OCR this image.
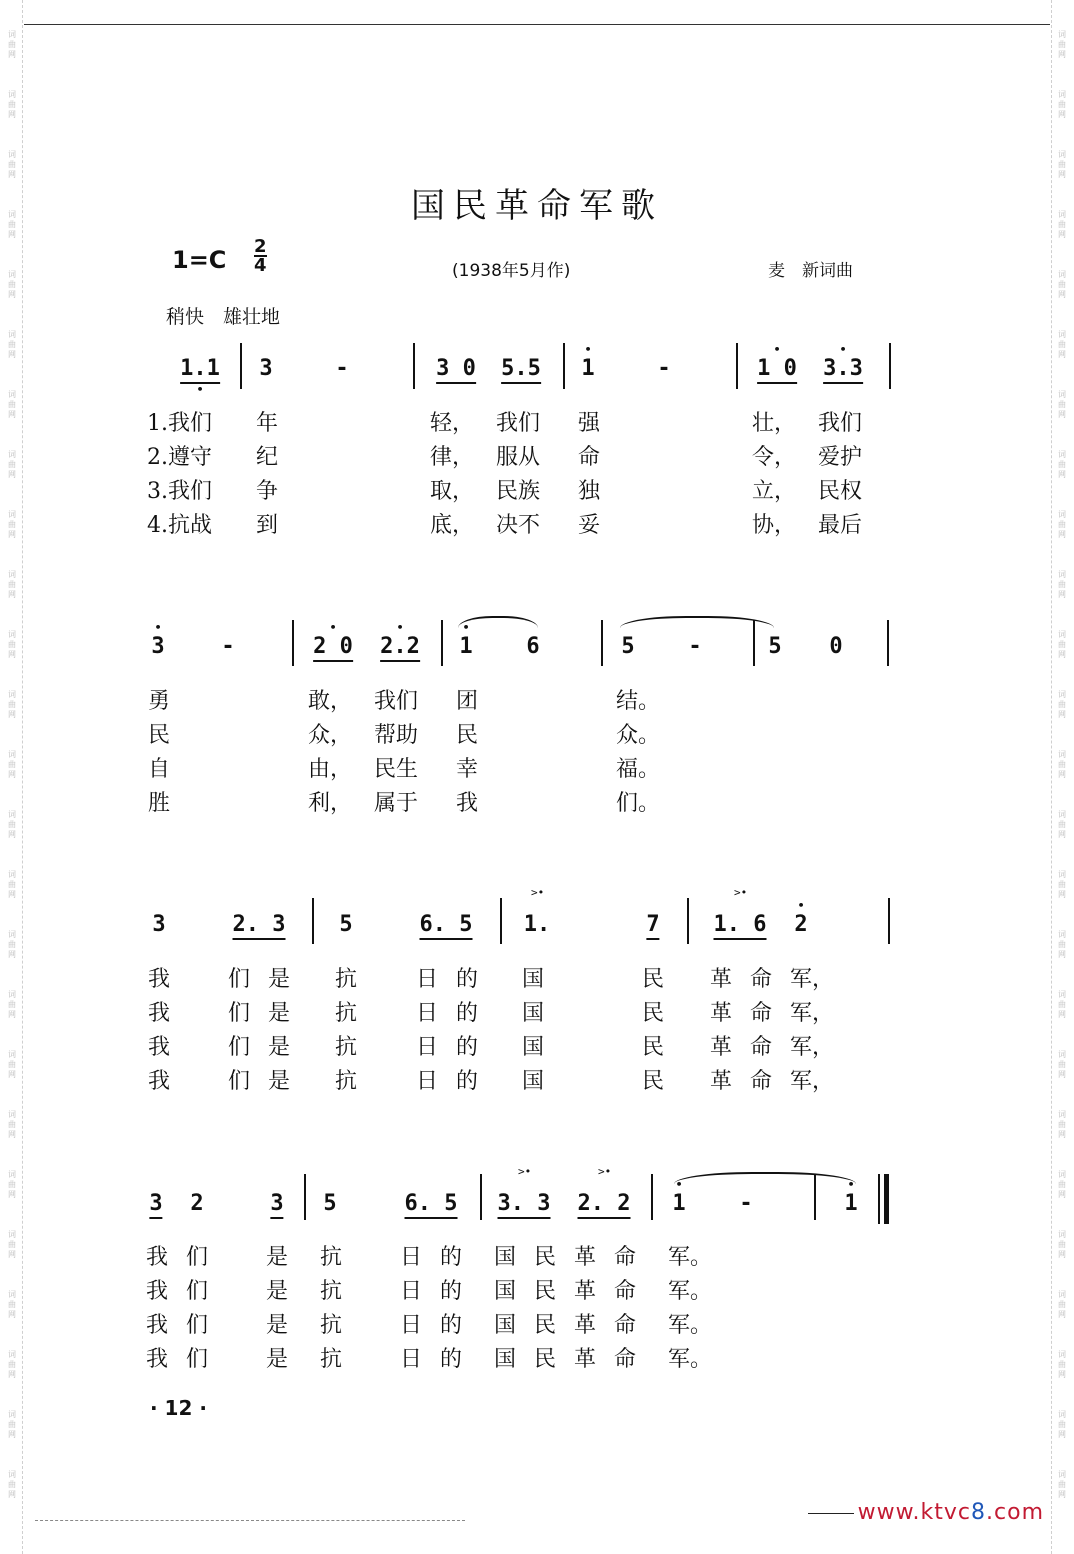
词
曲
网
词
曲
网
词
曲
网
词
曲
网
词
曲
网
词
曲
网
词
曲
网
词
曲
网
词
曲
网
词
曲
网
词
曲
网
词
曲
网
词
曲
网
词
曲
网
词
曲
网
词
曲
网
词
曲
网
词
曲
网
词
曲
网
词
曲
网
词
曲
网
词
曲
网
词
曲
网
词
曲
网
词
曲
网
词
曲
网
词
曲
网
词
曲
网
词
曲
网
词
曲
网
词
曲
网
词
曲
网
词
曲
网
词
曲
网
词
曲
网
词
曲
网
词
曲
网
词
曲
网
词
曲
网
词
曲
网
词
曲
网
词
曲
网
词
曲
网
词
曲
网
词
曲
网
词
曲
网
词
曲
网
词
曲
网
词
曲
网
词
曲
网
国民革命军歌
$1=C \frac{2}{4}$	(1938年5月作)	麦　新词曲
稍快　雄壮地
1.1 • 3	-	3 0 5.5 • 1	-	• 1 0 • 3.3
1.我们 年	轻， 我们 强	壮， 我们
2.遵守 纪	律， 服从 命	令， 爱护
3.我们 争	取， 民族 独	立， 民权
4.抗战 到	底， 决不 妥	协， 最后
• 3	-	• 2 0 • 2.2 • 1 6	5 -	5 0
勇	敢， 我们 团	结。
民	众， 帮助 民	众。
自	由， 民生 幸	福。
胜	利， 属于 我	们。
3	2. 3 5	6. 5 >• 1.	7 >• 1. 6 • 2
我	们 是 抗	日 的 国	民 革 命 军，
我	们 是 抗	日 的 国	民 革 命 军，
我	们 是 抗	日 的 国	民 革 命 军，
我	们 是 抗	日 的 国	民 革 命 军，
3 2	3 5	6. 5 >• 3. 3 >• 2. 2 • 1 -	• 1
我 们	是 抗	日 的 国 民 革 命 军。
我 们	是 抗	日 的 国 民 革 命 军。
我 们	是 抗	日 的 国 民 革 命 军。
我 们	是 抗	日 的 国 民 革 命 军。
· 12 ·
www.ktvc8.com
